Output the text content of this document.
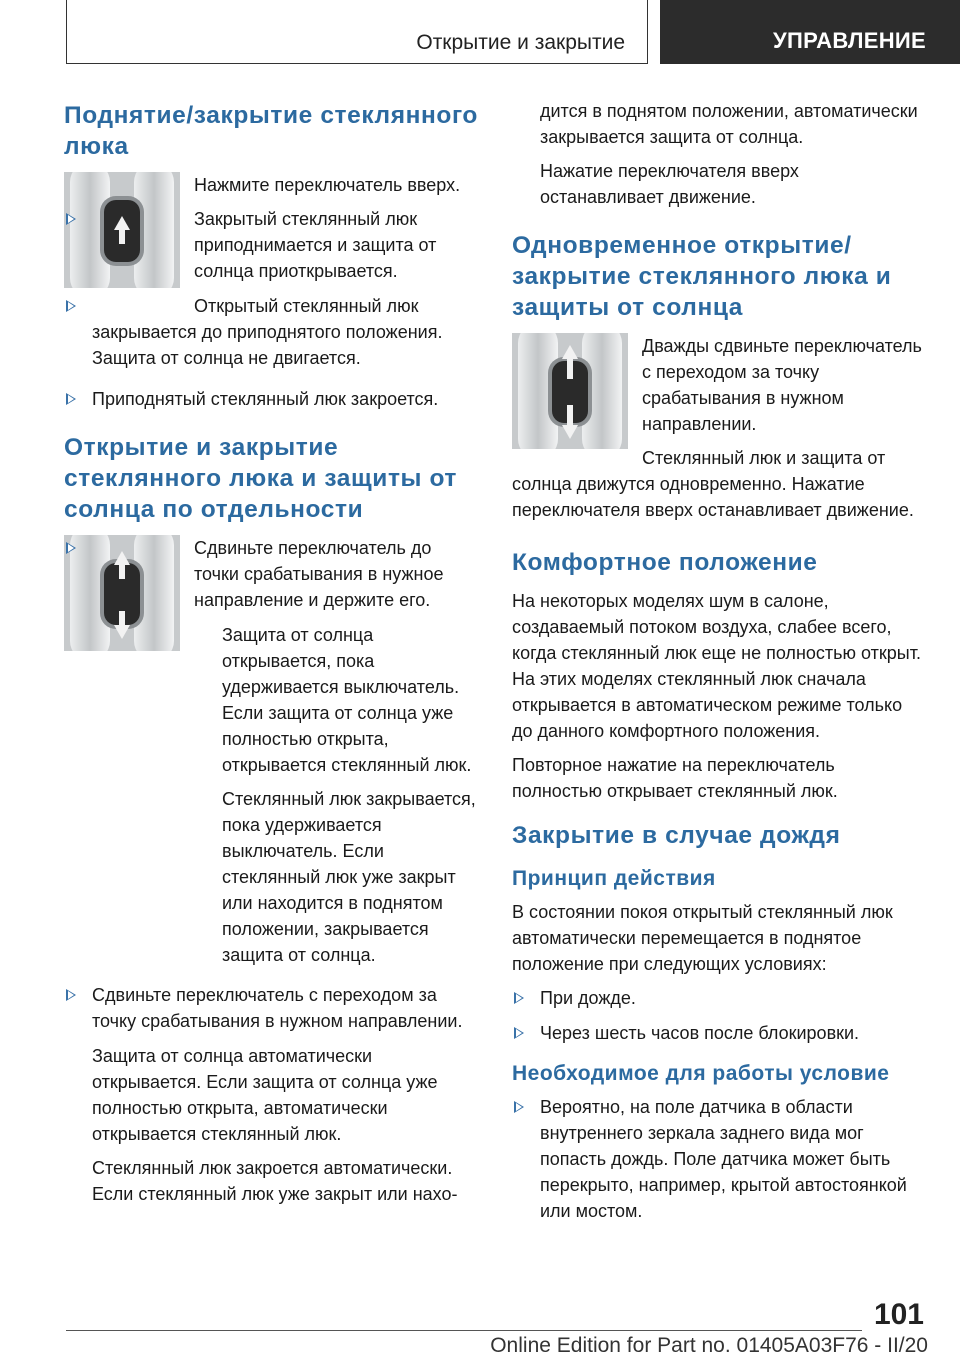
Открытие и закрытие	УПРАВЛЕНИЕ
Поднятие/закрытие стеклянного люка

Нажмите переключатель вверх.

Закрытый стеклянный люк приподнимается и защита от солнца приоткрывается.
Открытый стеклянный люк закрывается до приподнятого положения. Защита от солнца не двигается.
Приподнятый стеклянный люк закроется.
Открытие и закрытие стеклянного люка и защиты от солнца по отдельности
Сдвиньте переключатель до точки срабатывания в нужное направление и держите его.

Защита от солнца открывается, пока удерживается выключатель. Если защита от солнца уже полностью открыта, открывается стеклянный люк.

Стеклянный люк закрывается, пока удерживается выключатель. Если стеклянный люк уже закрыт или находится в поднятом положении, закрывается защита от солнца.

Сдвиньте переключатель с переходом за точку срабатывания в нужном направлении.

Защита от солнца автоматически открывается. Если защита от солнца уже полностью открыта, автоматически открывается стеклянный люк.

Стеклянный люк закроется автоматически. Если стеклянный люк уже закрыт или нахо-

дится в поднятом положении, автоматически закрывается защита от солнца.

Нажатие переключателя вверх останавливает движение.

Одновременное открытие/закрытие стеклянного люка и защиты от солнца

Дважды сдвиньте переключатель с переходом за точку срабатывания в нужном направлении.

Стеклянный люк и защита от солнца движутся одновременно. Нажатие переключателя вверх останавливает движение.

Комфортное положение

На некоторых моделях шум в салоне, создаваемый потоком воздуха, слабее всего, когда стеклянный люк еще не полностью открыт. На этих моделях стеклянный люк сначала открывается в автоматическом режиме только до данного комфортного положения.

Повторное нажатие на переключатель полностью открывает стеклянный люк.

Закрытие в случае дождя
Принцип действия

В состоянии покоя открытый стеклянный люк автоматически перемещается в поднятое положение при следующих условиях:

При дожде.
Через шесть часов после блокировки.
Необходимое для работы условие
Вероятно, на поле датчика в области внутреннего зеркала заднего вида мог попасть дождь. Поле датчика может быть перекрыто, например, крытой автостоянкой или мостом.
101
Online Edition for Part no. 01405A03F76 - II/20
